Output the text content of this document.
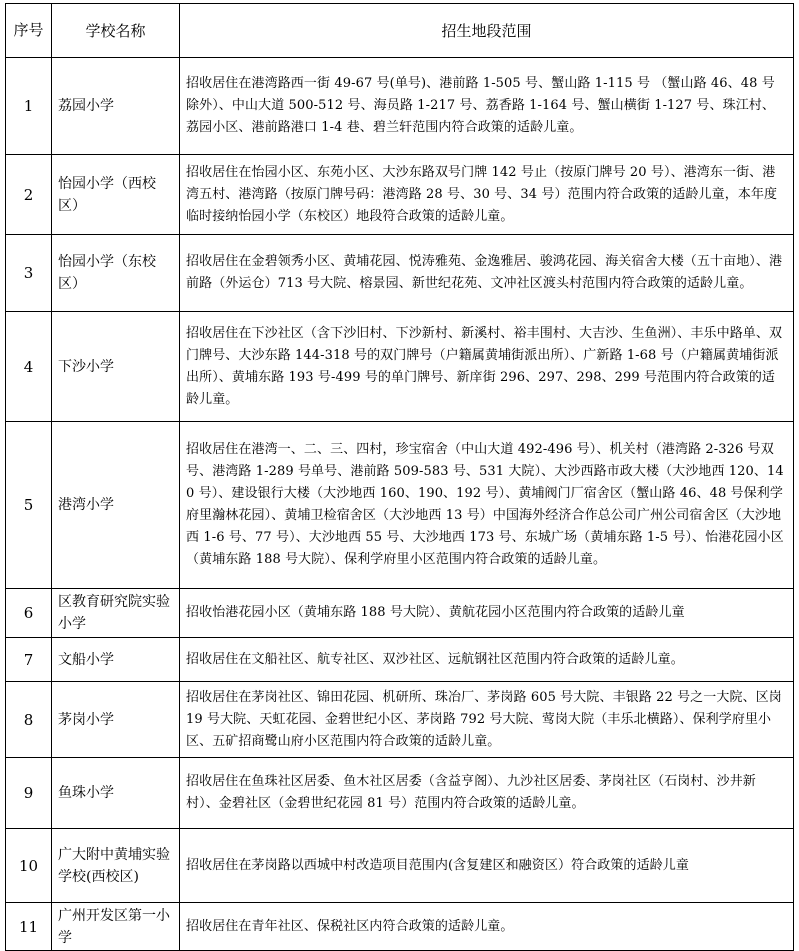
序号	学校名称	招生地段范围
1	荔园小学	招收居住在港湾路西一街 49-67 号(单号)、港前路 1-505 号、蟹山路 1-115 号 （蟹山路 46、48 号除外）、中山大道 500-512 号、海员路 1-217 号、荔香路 1-164 号、蟹山横街 1-127 号、珠江村、荔园小区、港前路港口 1-4 巷、碧兰轩范围内符合政策的适龄儿童。
2	怡园小学（西校区）	招收居住在怡园小区、东苑小区、大沙东路双号门牌 142 号止（按原门牌号 20 号）、港湾东一街、港湾五村、港湾路（按原门牌号码：港湾路 28 号、30 号、34 号）范围内符合政策的适龄儿童，本年度临时接纳怡园小学（东校区）地段符合政策的适龄儿童。
3	怡园小学（东校区）	招收居住在金碧领秀小区、黄埔花园、悦涛雅苑、金逸雅居、骏鸿花园、海关宿舍大楼（五十亩地）、港前路（外运仓）713 号大院、榕景园、新世纪花苑、文冲社区渡头村范围内符合政策的适龄儿童。
4	下沙小学	招收居住在下沙社区（含下沙旧村、下沙新村、新溪村、裕丰围村、大吉沙、生鱼洲）、丰乐中路单、双门牌号、大沙东路 144-318 号的双门牌号（户籍属黄埔街派出所）、广新路 1-68 号（户籍属黄埔街派出所）、黄埔东路 193 号-499 号的单门牌号、新庠街 296、297、298、299 号范围内符合政策的适龄儿童。
5	港湾小学	招收居住在港湾一、二、三、四村，珍宝宿舍（中山大道 492-496 号）、机关村（港湾路 2-326 号双号、港湾路 1-289 号单号、港前路 509-583 号、531 大院）、大沙西路市政大楼（大沙地西 120、140 号）、建设银行大楼（大沙地西 160、190、192 号）、黄埔阀门厂宿舍区（蟹山路 46、48 号保利学府里瀚林花园）、黄埔卫检宿舍区（大沙地西 13 号）中国海外经济合作总公司广州公司宿舍区（大沙地西 1-6 号、77 号）、大沙地西 55 号、大沙地西 173 号、东城广场（黄埔东路 1-5 号）、怡港花园小区（黄埔东路 188 号大院）、保利学府里小区范围内符合政策的适龄儿童。
6	区教育研究院实验小学	招收怡港花园小区（黄埔东路 188 号大院）、黄航花园小区范围内符合政策的适龄儿童
7	文船小学	招收居住在文船社区、航专社区、双沙社区、远航钢社区范围内符合政策的适龄儿童。
8	茅岗小学	招收居住在茅岗社区、锦田花园、机研所、珠冶厂、茅岗路 605 号大院、丰银路 22 号之一大院、区岗 19 号大院、天虹花园、金碧世纪小区、茅岗路 792 号大院、莺岗大院（丰乐北横路）、保利学府里小区、五矿招商鹭山府小区范围内符合政策的适龄儿童。
9	鱼珠小学	招收居住在鱼珠社区居委、鱼木社区居委（含益亨阁）、九沙社区居委、茅岗社区（石岗村、沙井新村）、金碧社区（金碧世纪花园 81 号）范围内符合政策的适龄儿童。
10	广大附中黄埔实验学校(西校区)	招收居住在茅岗路以西城中村改造项目范围内(含复建区和融资区）符合政策的适龄儿童
11	广州开发区第一小学	招收居住在青年社区、保税社区内符合政策的适龄儿童。
